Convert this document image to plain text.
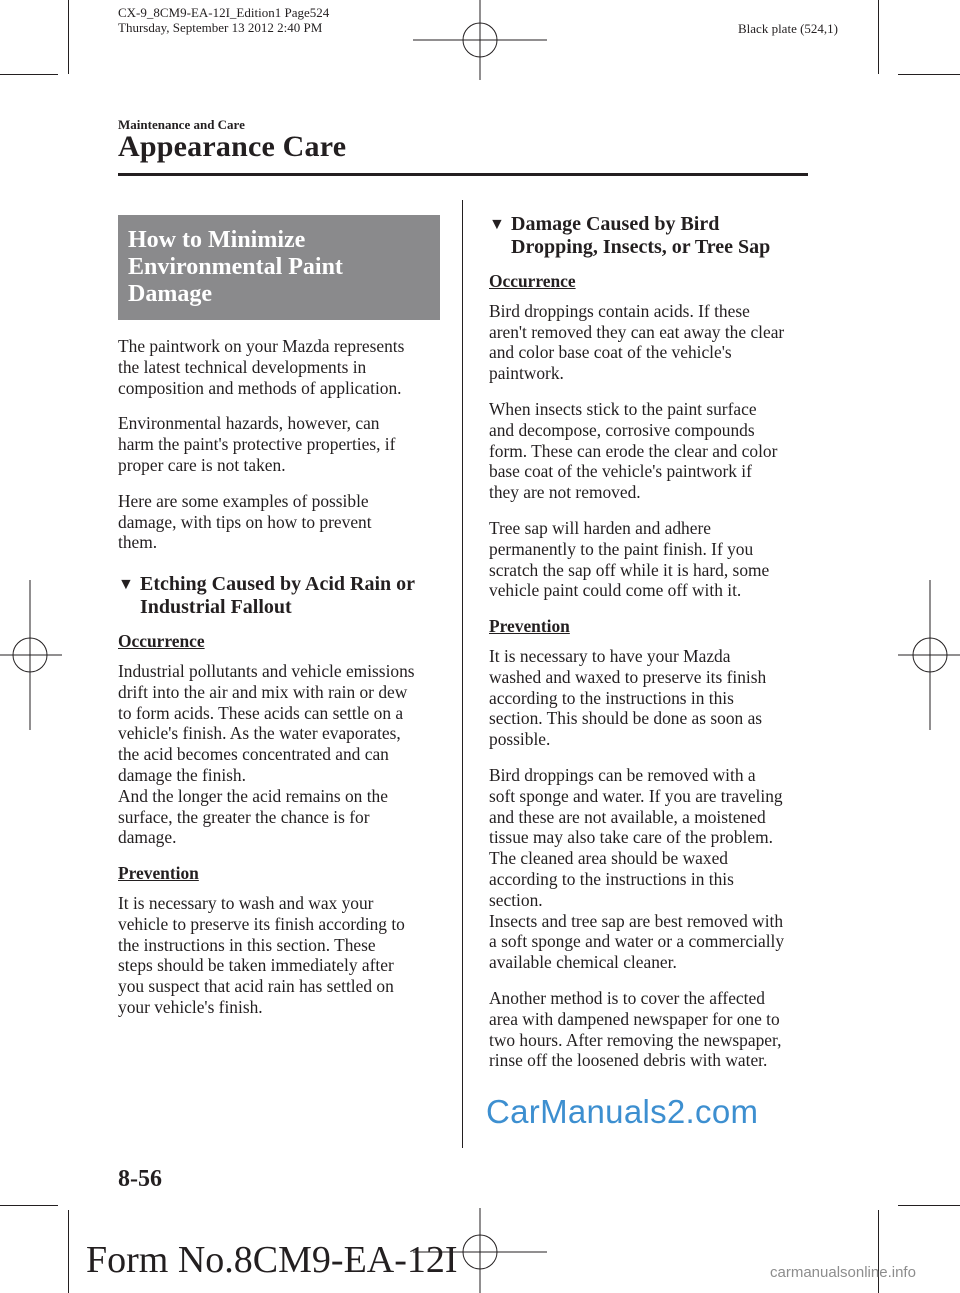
CX-9_8CM9-EA-12I_Edition1 Page524
Thursday, September 13 2012 2:40 PM	Black plate (524,1)
Maintenance and Care
Appearance Care
How to Minimize
Environmental Paint Damage

The paintwork on your Mazda represents
the latest technical developments in
composition and methods of application.

Environmental hazards, however, can
harm the paint's protective properties, if
proper care is not taken.

Here are some examples of possible
damage, with tips on how to prevent
them.

▼ Etching Caused by Acid Rain or
Industrial Fallout
Occurrence

Industrial pollutants and vehicle emissions
drift into the air and mix with rain or dew
to form acids. These acids can settle on a
vehicle's finish. As the water evaporates,
the acid becomes concentrated and can
damage the finish.
And the longer the acid remains on the
surface, the greater the chance is for
damage.

Prevention

It is necessary to wash and wax your
vehicle to preserve its finish according to
the instructions in this section. These
steps should be taken immediately after
you suspect that acid rain has settled on
your vehicle's finish.

▼ Damage Caused by Bird
Dropping, Insects, or Tree Sap
Occurrence

Bird droppings contain acids. If these
aren't removed they can eat away the clear
and color base coat of the vehicle's
paintwork.

When insects stick to the paint surface
and decompose, corrosive compounds
form. These can erode the clear and color
base coat of the vehicle's paintwork if
they are not removed.

Tree sap will harden and adhere
permanently to the paint finish. If you
scratch the sap off while it is hard, some
vehicle paint could come off with it.

Prevention

It is necessary to have your Mazda
washed and waxed to preserve its finish
according to the instructions in this
section. This should be done as soon as
possible.

Bird droppings can be removed with a
soft sponge and water. If you are traveling
and these are not available, a moistened
tissue may also take care of the problem.
The cleaned area should be waxed
according to the instructions in this
section.
Insects and tree sap are best removed with
a soft sponge and water or a commercially
available chemical cleaner.

Another method is to cover the affected
area with dampened newspaper for one to
two hours. After removing the newspaper,
rinse off the loosened debris with water.

CarManuals2.com
8-56
Form No.8CM9-EA-12I	carmanualsonline.info
